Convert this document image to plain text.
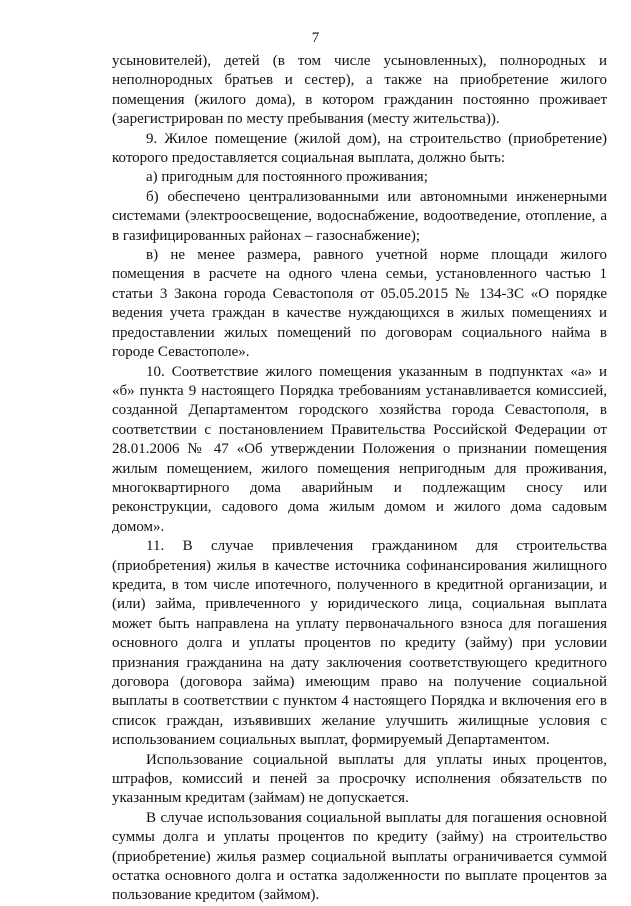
7

усыновителей), детей (в том числе усыновленных), полнородных и неполнородных братьев и сестер), а также на приобретение жилого помещения (жилого дома), в котором гражданин постоянно проживает (зарегистрирован по месту пребывания (месту жительства)).

9. Жилое помещение (жилой дом), на строительство (приобретение) которого предоставляется социальная выплата, должно быть:

а) пригодным для постоянного проживания;

б) обеспечено централизованными или автономными инженерными системами (электроосвещение, водоснабжение, водоотведение, отопление, а в газифицированных районах – газоснабжение);

в) не менее размера, равного учетной норме площади жилого помещения в расчете на одного члена семьи, установленного частью 1 статьи 3 Закона города Севастополя от 05.05.2015 № 134-ЗС «О порядке ведения учета граждан в качестве нуждающихся в жилых помещениях и предоставлении жилых помещений по договорам социального найма в городе Севастополе».

10. Соответствие жилого помещения указанным в подпунктах «а» и «б» пункта 9 настоящего Порядка требованиям устанавливается комиссией, созданной Департаментом городского хозяйства города Севастополя, в соответствии с постановлением Правительства Российской Федерации от 28.01.2006 № 47 «Об утверждении Положения о признании помещения жилым помещением, жилого помещения непригодным для проживания, многоквартирного дома аварийным и подлежащим сносу или реконструкции, садового дома жилым домом и жилого дома садовым домом».

11. В случае привлечения гражданином для строительства (приобретения) жилья в качестве источника софинансирования жилищного кредита, в том числе ипотечного, полученного в кредитной организации, и (или) займа, привлеченного у юридического лица, социальная выплата может быть направлена на уплату первоначального взноса для погашения основного долга и уплаты процентов по кредиту (займу) при условии признания гражданина на дату заключения соответствующего кредитного договора (договора займа) имеющим право на получение социальной выплаты в соответствии с пунктом 4 настоящего Порядка и включения его в список граждан, изъявивших желание улучшить жилищные условия с использованием социальных выплат, формируемый Департаментом.

Использование социальной выплаты для уплаты иных процентов, штрафов, комиссий и пеней за просрочку исполнения обязательств по указанным кредитам (займам) не допускается.

В случае использования социальной выплаты для погашения основной суммы долга и уплаты процентов по кредиту (займу) на строительство (приобретение) жилья размер социальной выплаты ограничивается суммой остатка основного долга и остатка задолженности по выплате процентов за пользование кредитом (займом).
